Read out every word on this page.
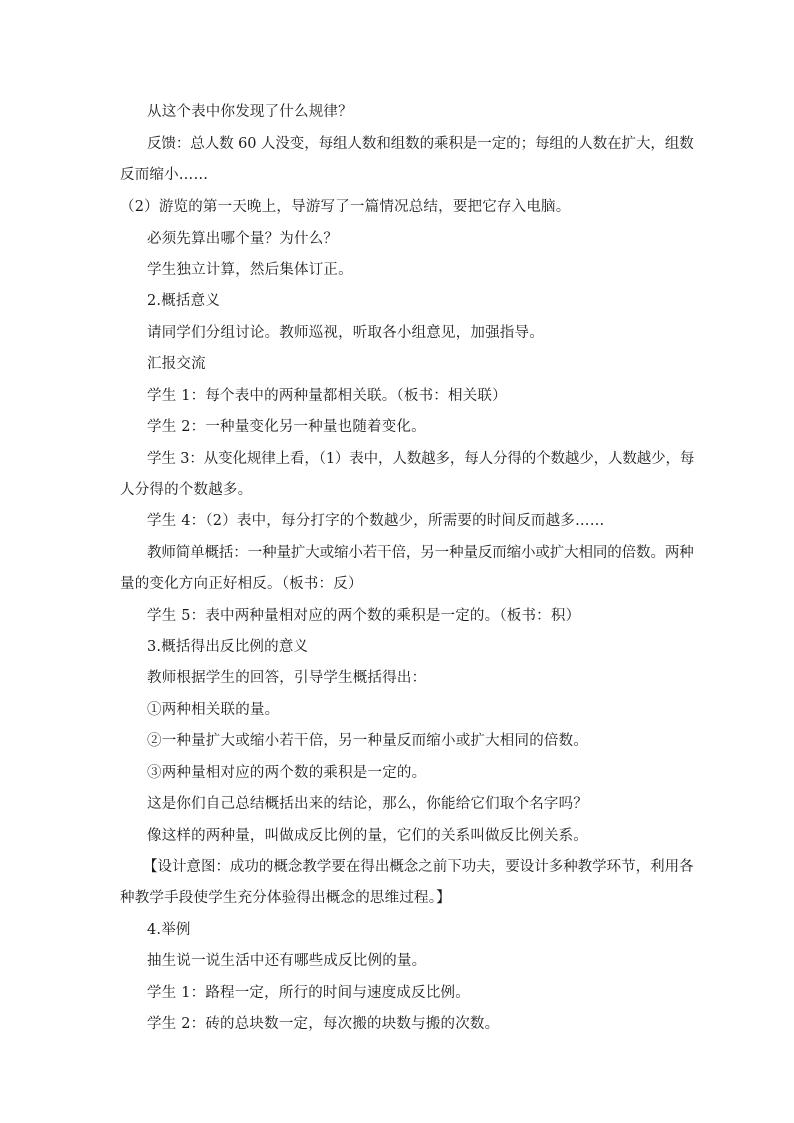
从这个表中你发现了什么规律？
反馈：总人数 60 人没变，每组人数和组数的乘积是一定的；每组的人数在扩大，组数
反而缩小……
（2）游览的第一天晚上，导游写了一篇情况总结，要把它存入电脑。
必须先算出哪个量？为什么？
学生独立计算，然后集体订正。
2.概括意义
请同学们分组讨论。教师巡视，听取各小组意见，加强指导。
汇报交流
学生 1：每个表中的两种量都相关联。（板书：相关联）
学生 2：一种量变化另一种量也随着变化。
学生 3：从变化规律上看，（1）表中，人数越多，每人分得的个数越少，人数越少，每
人分得的个数越多。
学生 4：（2）表中，每分打字的个数越少，所需要的时间反而越多……
教师简单概括：一种量扩大或缩小若干倍，另一种量反而缩小或扩大相同的倍数。两种
量的变化方向正好相反。（板书：反）
学生 5：表中两种量相对应的两个数的乘积是一定的。（板书：积）
3.概括得出反比例的意义
教师根据学生的回答，引导学生概括得出：
①两种相关联的量。
②一种量扩大或缩小若干倍，另一种量反而缩小或扩大相同的倍数。
③两种量相对应的两个数的乘积是一定的。
这是你们自己总结概括出来的结论，那么，你能给它们取个名字吗？
像这样的两种量，叫做成反比例的量，它们的关系叫做反比例关系。
【设计意图：成功的概念教学要在得出概念之前下功夫，要设计多种教学环节，利用各
种教学手段使学生充分体验得出概念的思维过程。】
4.举例
抽生说一说生活中还有哪些成反比例的量。
学生 1：路程一定，所行的时间与速度成反比例。
学生 2：砖的总块数一定，每次搬的块数与搬的次数。
